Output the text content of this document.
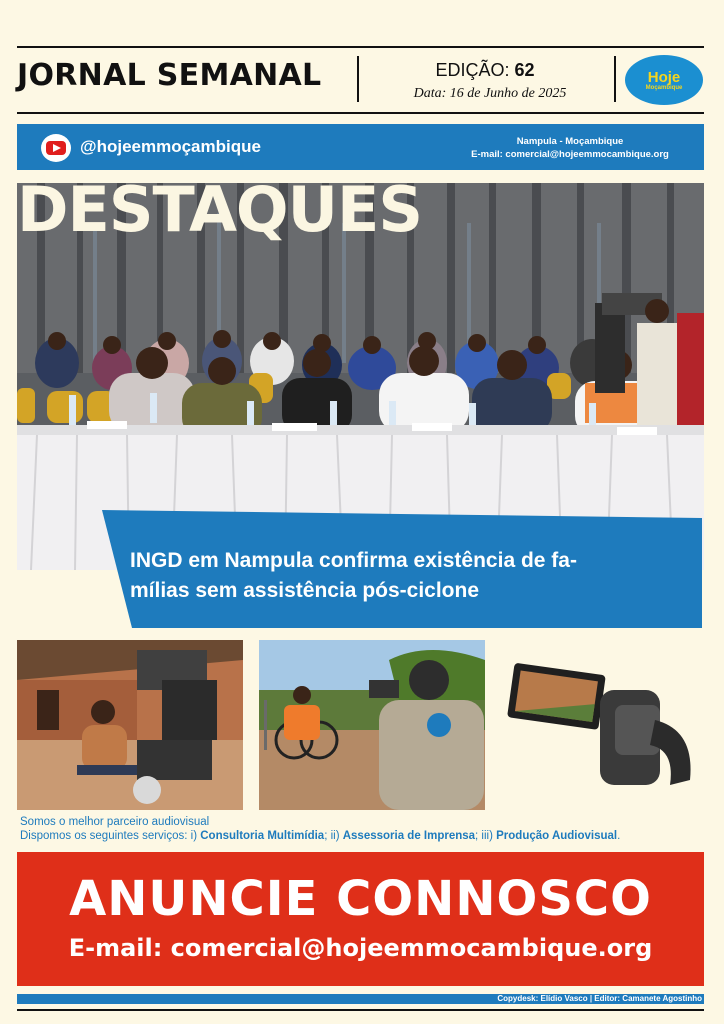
JORNAL SEMANAL	EDIÇÃO: 62
Data: 16 de Junho de 2025
Hoje
Moçambique
@hojeemmoçambique	Nampula - Moçambique
E-mail: comercial@hojeemmocambique.org
DESTAQUES
INGD em Nampula confirma existência de fa-
mílias sem assistência pós-ciclone
Somos o melhor parceiro audiovisual
Dispomos os seguintes serviços: i) Consultoria Multimídia; ii) Assessoria de Imprensa; iii) Produção Audiovisual.
ANUNCIE CONNOSCO
E-mail: comercial@hojeemmocambique.org
Copydesk: Elídio Vasco | Editor: Camanete Agostinho
